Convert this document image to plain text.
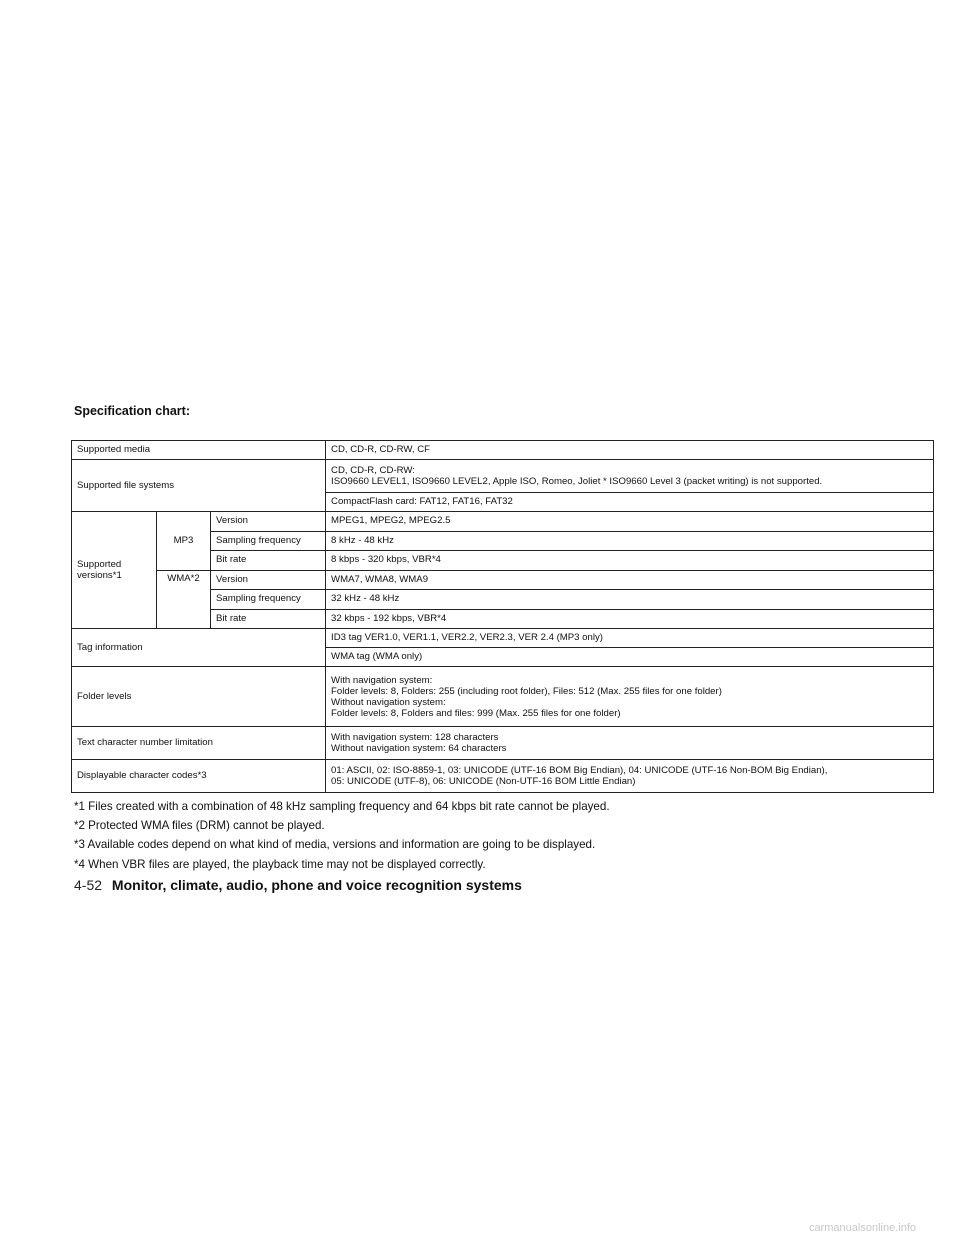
Specification chart:
Supported media			CD, CD-R, CD-RW, CF
Supported file systems			CD, CD-R, CD-RW:
ISO9660 LEVEL1, ISO9660 LEVEL2, Apple ISO, Romeo, Joliet * ISO9660 Level 3 (packet writing) is not supported.

			CompactFlash card: FAT12, FAT16, FAT32

Supported
versions*1	MP3	Version	MPEG1, MPEG2, MPEG2.5
		Sampling frequency	8 kHz - 48 kHz
		Bit rate	8 kbps - 320 kbps, VBR*4
	WMA*2	Version	WMA7, WMA8, WMA9
		Sampling frequency	32 kHz - 48 kHz
		Bit rate	32 kbps - 192 kbps, VBR*4
Tag information			ID3 tag VER1.0, VER1.1, VER2.2, VER2.3, VER 2.4 (MP3 only)
			WMA tag (WMA only)
Folder levels			With navigation system:
Folder levels: 8, Folders: 255 (including root folder), Files: 512 (Max. 255 files for one folder)
Without navigation system:
Folder levels: 8, Folders and files: 999 (Max. 255 files for one folder)

Text character number limitation			With navigation system: 128 characters
Without navigation system: 64 characters

Displayable character codes*3			01: ASCII, 02: ISO-8859-1, 03: UNICODE (UTF-16 BOM Big Endian), 04: UNICODE (UTF-16 Non-BOM Big Endian),
05: UNICODE (UTF-8), 06: UNICODE (Non-UTF-16 BOM Little Endian)

*1 Files created with a combination of 48 kHz sampling frequency and 64 kbps bit rate cannot be played.

*2 Protected WMA files (DRM) cannot be played.

*3 Available codes depend on what kind of media, versions and information are going to be displayed.

*4 When VBR files are played, the playback time may not be displayed correctly.

4-52 Monitor, climate, audio, phone and voice recognition systems
carmanualsonline.info
